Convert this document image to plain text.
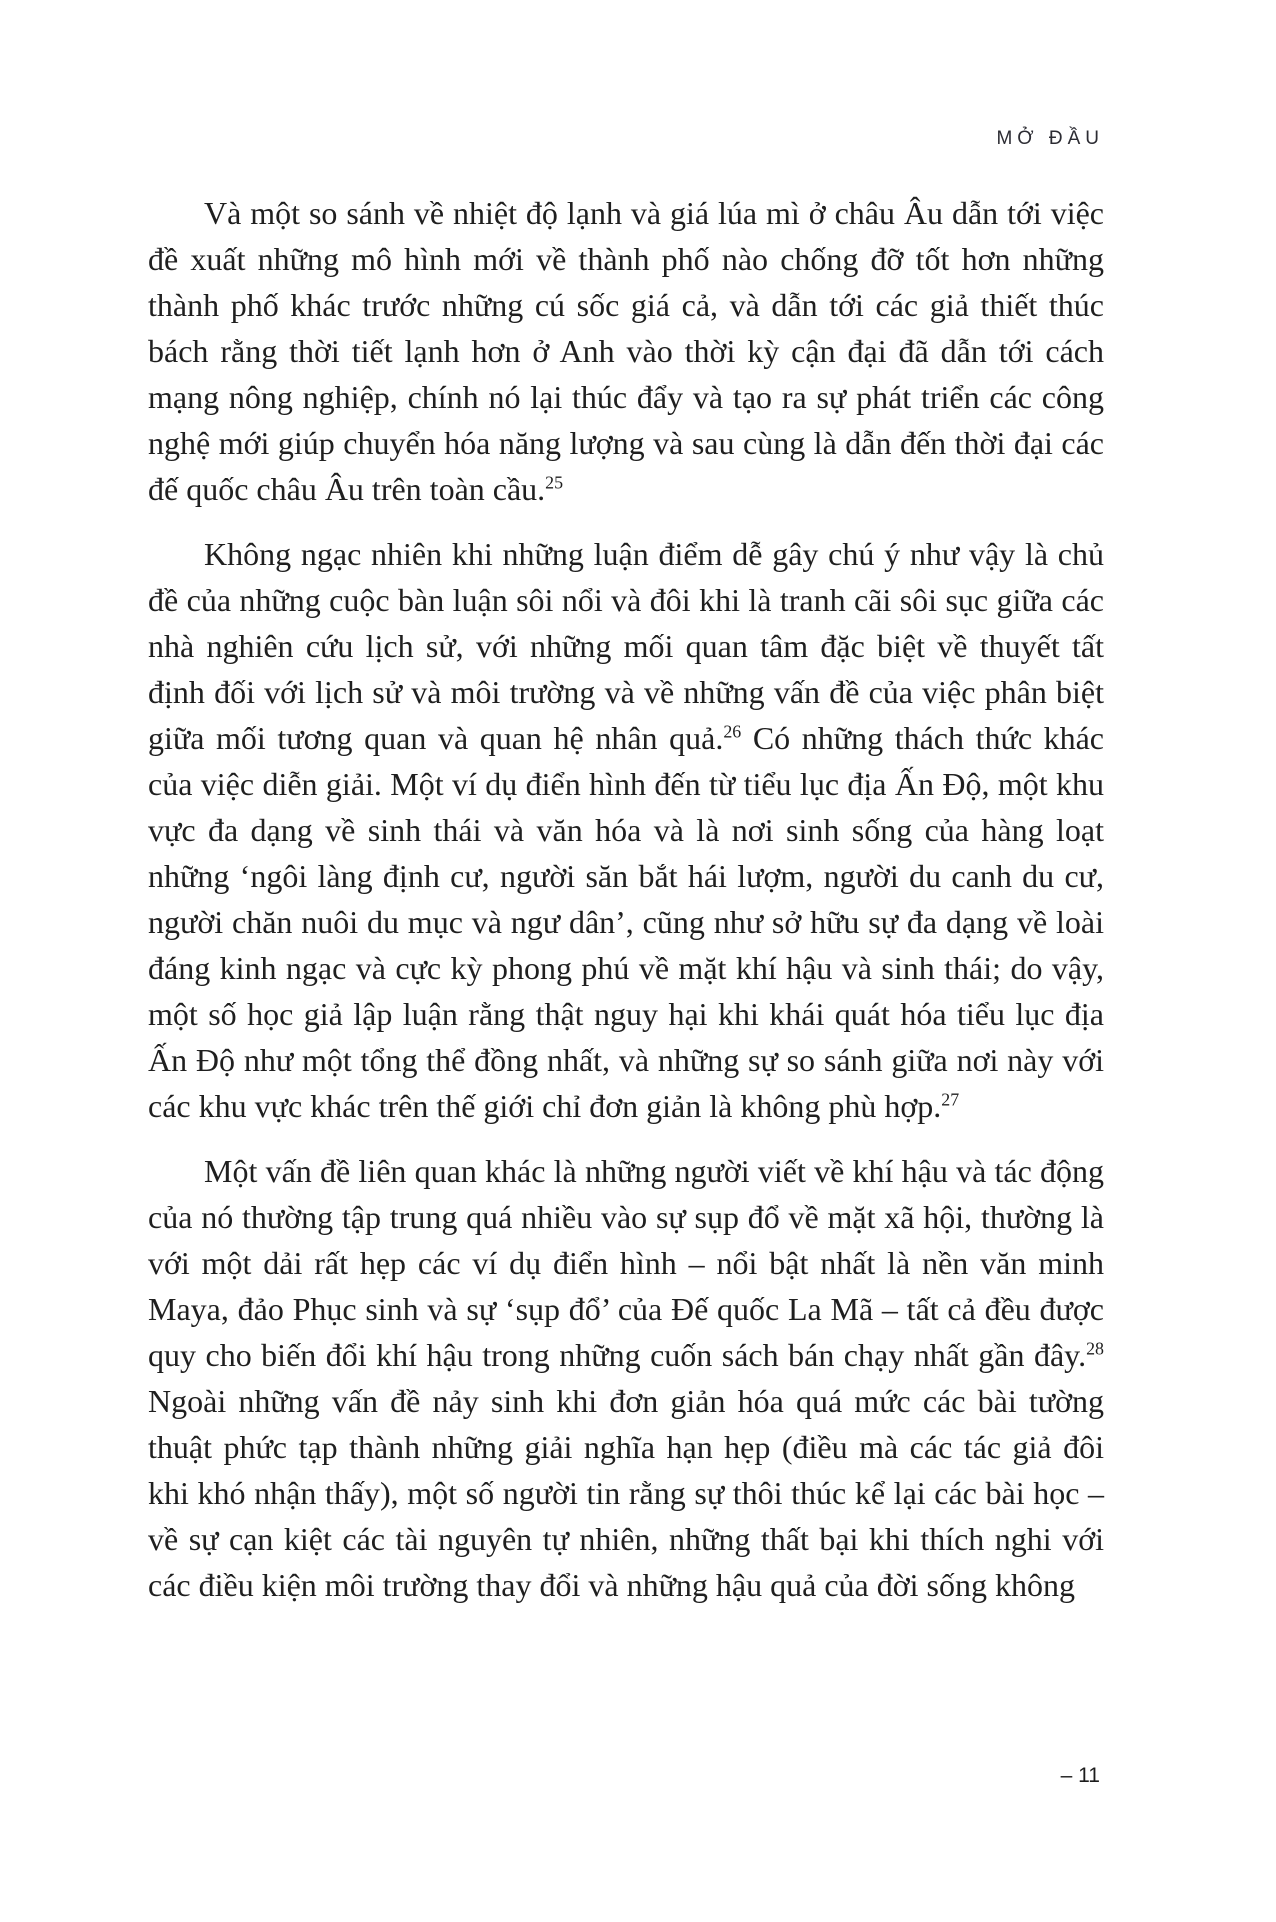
MỞ ĐẦU

Và một so sánh về nhiệt độ lạnh và giá lúa mì ở châu Âu dẫn tới việc đề xuất những mô hình mới về thành phố nào chống đỡ tốt hơn những thành phố khác trước những cú sốc giá cả, và dẫn tới các giả thiết thúc bách rằng thời tiết lạnh hơn ở Anh vào thời kỳ cận đại đã dẫn tới cách mạng nông nghiệp, chính nó lại thúc đẩy và tạo ra sự phát triển các công nghệ mới giúp chuyển hóa năng lượng và sau cùng là dẫn đến thời đại các đế quốc châu Âu trên toàn cầu.$^{25}$

Không ngạc nhiên khi những luận điểm dễ gây chú ý như vậy là chủ đề của những cuộc bàn luận sôi nổi và đôi khi là tranh cãi sôi sục giữa các nhà nghiên cứu lịch sử, với những mối quan tâm đặc biệt về thuyết tất định đối với lịch sử và môi trường và về những vấn đề của việc phân biệt giữa mối tương quan và quan hệ nhân quả.$^{26}$ Có những thách thức khác của việc diễn giải. Một ví dụ điển hình đến từ tiểu lục địa Ấn Độ, một khu vực đa dạng về sinh thái và văn hóa và là nơi sinh sống của hàng loạt những ‘ngôi làng định cư, người săn bắt hái lượm, người du canh du cư, người chăn nuôi du mục và ngư dân’, cũng như sở hữu sự đa dạng về loài đáng kinh ngạc và cực kỳ phong phú về mặt khí hậu và sinh thái; do vậy, một số học giả lập luận rằng thật nguy hại khi khái quát hóa tiểu lục địa Ấn Độ như một tổng thể đồng nhất, và những sự so sánh giữa nơi này với các khu vực khác trên thế giới chỉ đơn giản là không phù hợp.$^{27}$

Một vấn đề liên quan khác là những người viết về khí hậu và tác động của nó thường tập trung quá nhiều vào sự sụp đổ về mặt xã hội, thường là với một dải rất hẹp các ví dụ điển hình – nổi bật nhất là nền văn minh Maya, đảo Phục sinh và sự ‘sụp đổ’ của Đế quốc La Mã – tất cả đều được quy cho biến đổi khí hậu trong những cuốn sách bán chạy nhất gần đây.$^{28}$ Ngoài những vấn đề nảy sinh khi đơn giản hóa quá mức các bài tường thuật phức tạp thành những giải nghĩa hạn hẹp (điều mà các tác giả đôi khi khó nhận thấy), một số người tin rằng sự thôi thúc kể lại các bài học – về sự cạn kiệt các tài nguyên tự nhiên, những thất bại khi thích nghi với các điều kiện môi trường thay đổi và những hậu quả của đời sống không

– 11
